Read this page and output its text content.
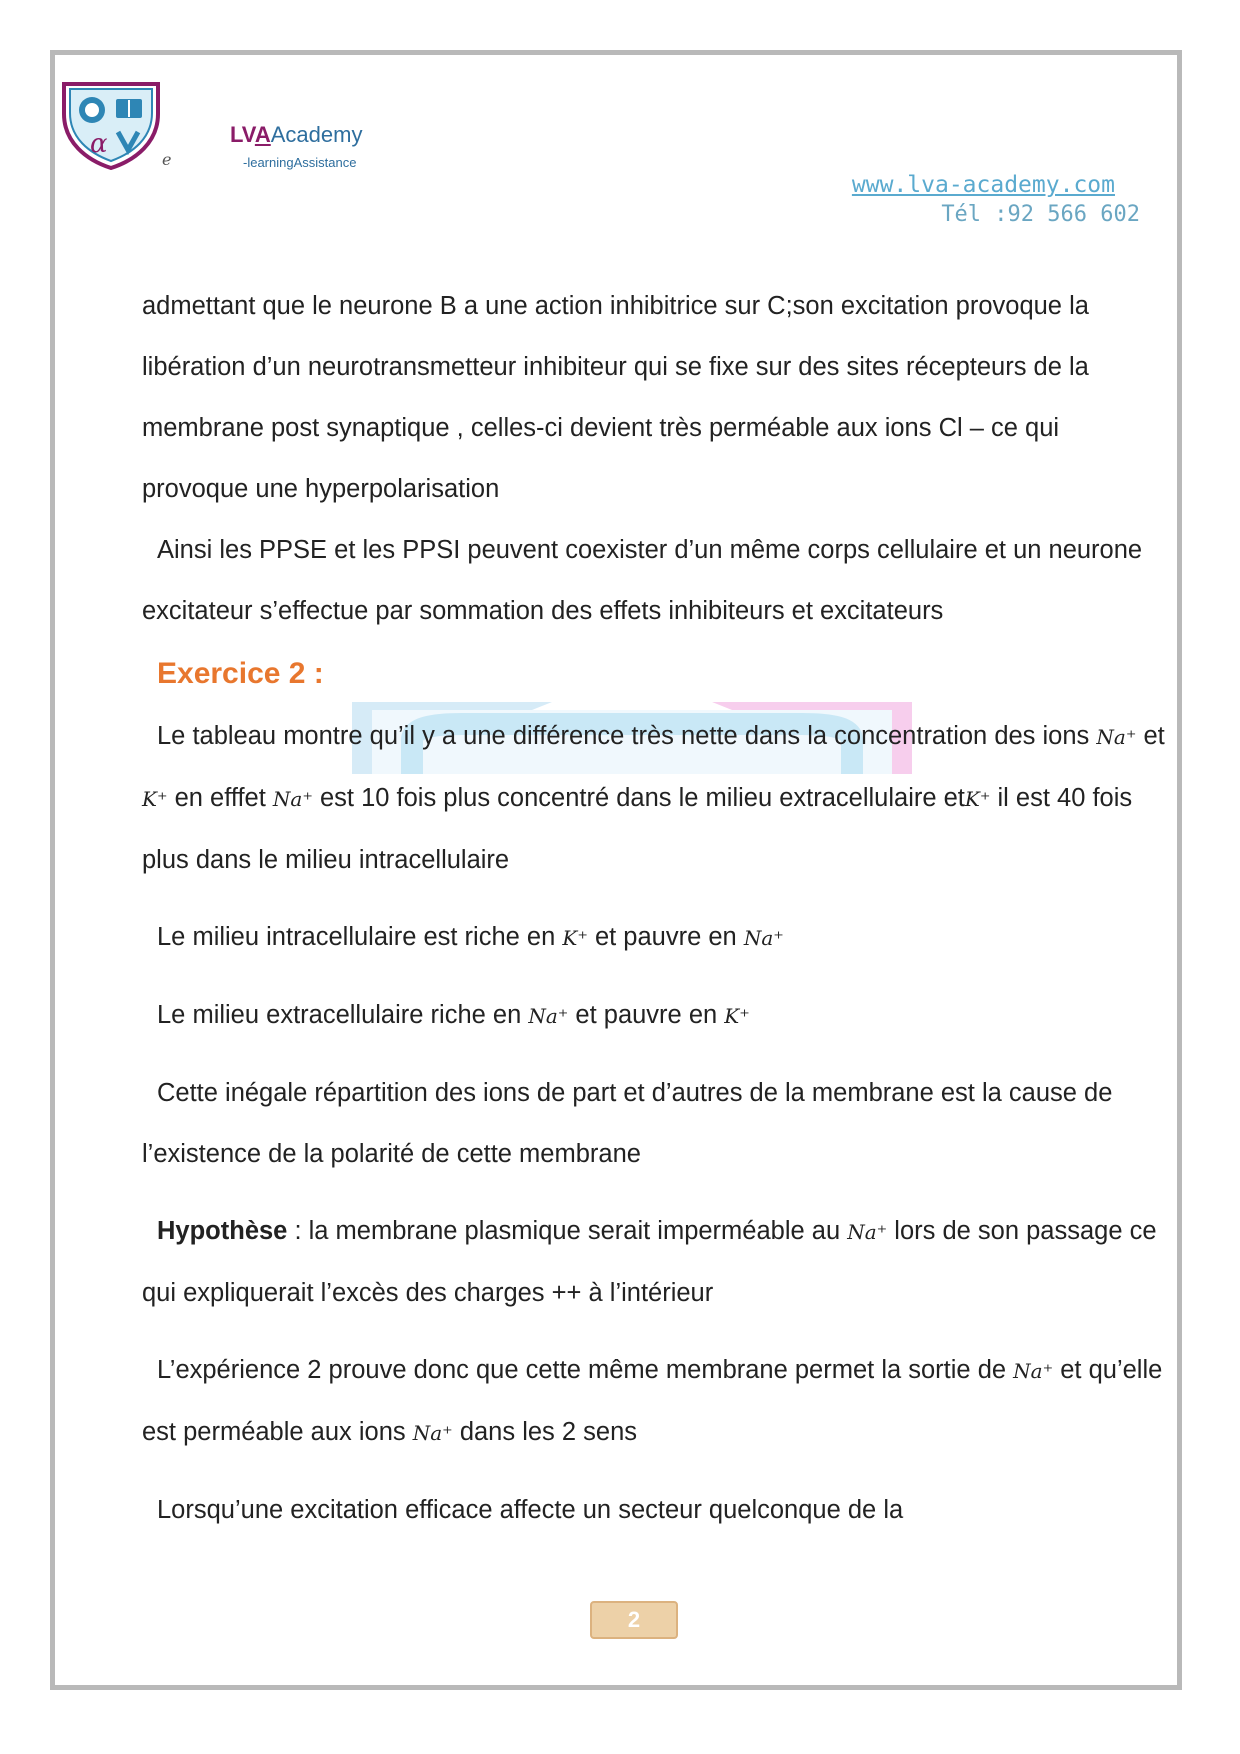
α
e
LVAAcademy
-learningAssistance
www.lva-academy.com
Tél :92 566 602

admettant que le neurone B a une action inhibitrice sur C;son excitation provoque la libération d’un neurotransmetteur inhibiteur qui se fixe sur des sites récepteurs de la membrane post synaptique , celles-ci devient très perméable aux ions Cl – ce qui provoque une hyperpolarisation

Ainsi les PPSE et les PPSI peuvent coexister d’un même corps cellulaire et un neurone excitateur s’effectue par sommation des effets inhibiteurs et excitateurs

Exercice 2 :

Le tableau montre qu’il y a une différence très nette dans la concentration des ions Na⁺ et K⁺ en efffet Na⁺ est 10 fois plus concentré dans le milieu extracellulaire etK⁺ il est 40 fois plus dans le milieu intracellulaire

Le milieu intracellulaire est riche en K⁺ et pauvre en Na⁺

Le milieu extracellulaire riche en Na⁺ et pauvre en K⁺

Cette inégale répartition des ions de part et d’autres de la membrane est la cause de l’existence de la polarité de cette membrane

Hypothèse : la membrane plasmique serait imperméable au Na⁺ lors de son passage ce qui expliquerait l’excès des charges ++ à l’intérieur

L’expérience 2 prouve donc que cette même membrane permet la sortie de Na⁺ et qu’elle est perméable aux ions Na⁺ dans les 2 sens

Lorsqu’une excitation efficace affecte un secteur quelconque de la

2
